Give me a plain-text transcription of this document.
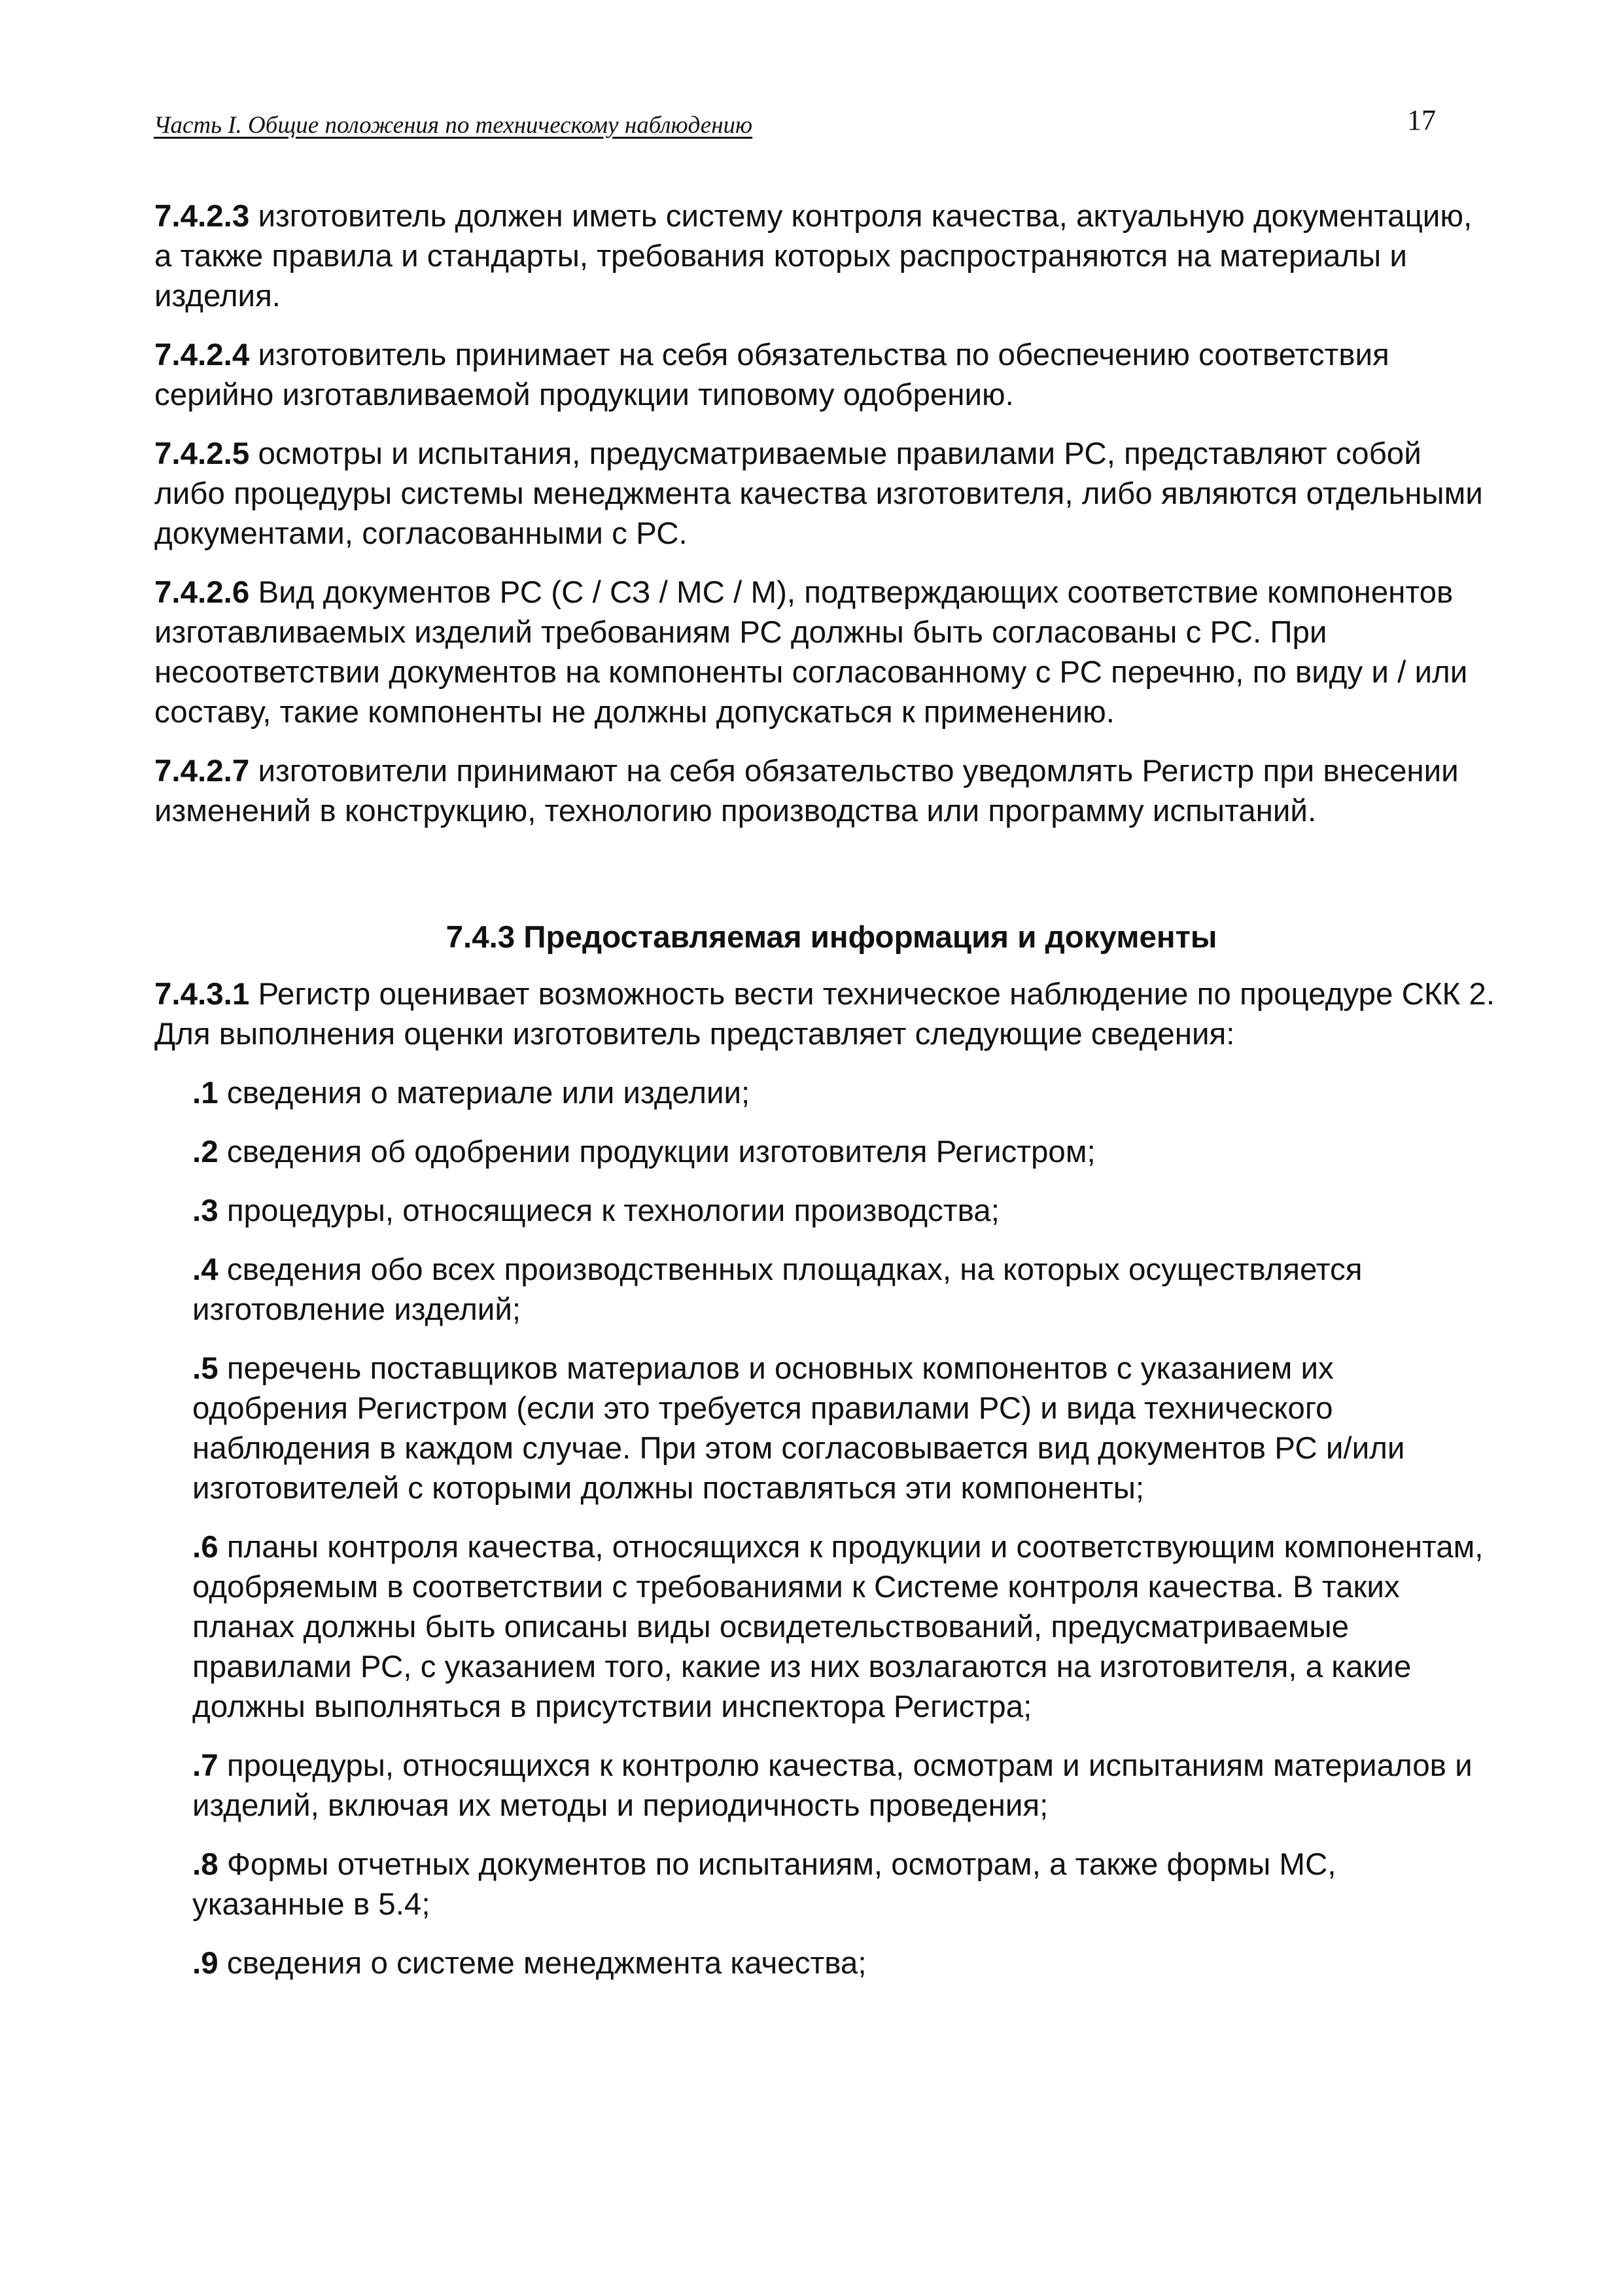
Часть I. Общие положения по техническому наблюдению	17

7.4.2.3 изготовитель должен иметь систему контроля качества, актуальную документацию, а также правила и стандарты, требования которых распространяются на материалы и изделия.

7.4.2.4 изготовитель принимает на себя обязательства по обеспечению соответствия серийно изготавливаемой продукции типовому одобрению.

7.4.2.5 осмотры и испытания, предусматриваемые правилами РС, представляют собой либо процедуры системы менеджмента качества изготовителя, либо являются отдельными документами, согласованными с РС.

7.4.2.6 Вид документов РС (С / СЗ / МС / М), подтверждающих соответствие компонентов изготавливаемых изделий требованиям РС должны быть согласованы с РС. При несоответствии документов на компоненты согласованному с РС перечню, по виду и / или составу, такие компоненты не должны допускаться к применению.

7.4.2.7 изготовители принимают на себя обязательство уведомлять Регистр при внесении изменений в конструкцию, технологию производства или программу испытаний.

7.4.3 Предоставляемая информация и документы

7.4.3.1 Регистр оценивает возможность вести техническое наблюдение по процедуре СКК 2. Для выполнения оценки изготовитель представляет следующие сведения:

.1 сведения о материале или изделии;

.2 сведения об одобрении продукции изготовителя Регистром;

.3 процедуры, относящиеся к технологии производства;

.4 сведения обо всех производственных площадках, на которых осуществляется изготовление изделий;

.5 перечень поставщиков материалов и основных компонентов с указанием их одобрения Регистром (если это требуется правилами РС) и вида технического наблюдения в каждом случае. При этом согласовывается вид документов РС и/или изготовителей с которыми должны поставляться эти компоненты;

.6 планы контроля качества, относящихся к продукции и соответствующим компонентам, одобряемым в соответствии с требованиями к Системе контроля качества. В таких планах должны быть описаны виды освидетельствований, предусматриваемые правилами РС, с указанием того, какие из них возлагаются на изготовителя, а какие должны выполняться в присутствии инспектора Регистра;

.7 процедуры, относящихся к контролю качества, осмотрам и испытаниям материалов и изделий, включая их методы и периодичность проведения;

.8 Формы отчетных документов по испытаниям, осмотрам, а также формы МС, указанные в 5.4;

.9 сведения о системе менеджмента качества;
